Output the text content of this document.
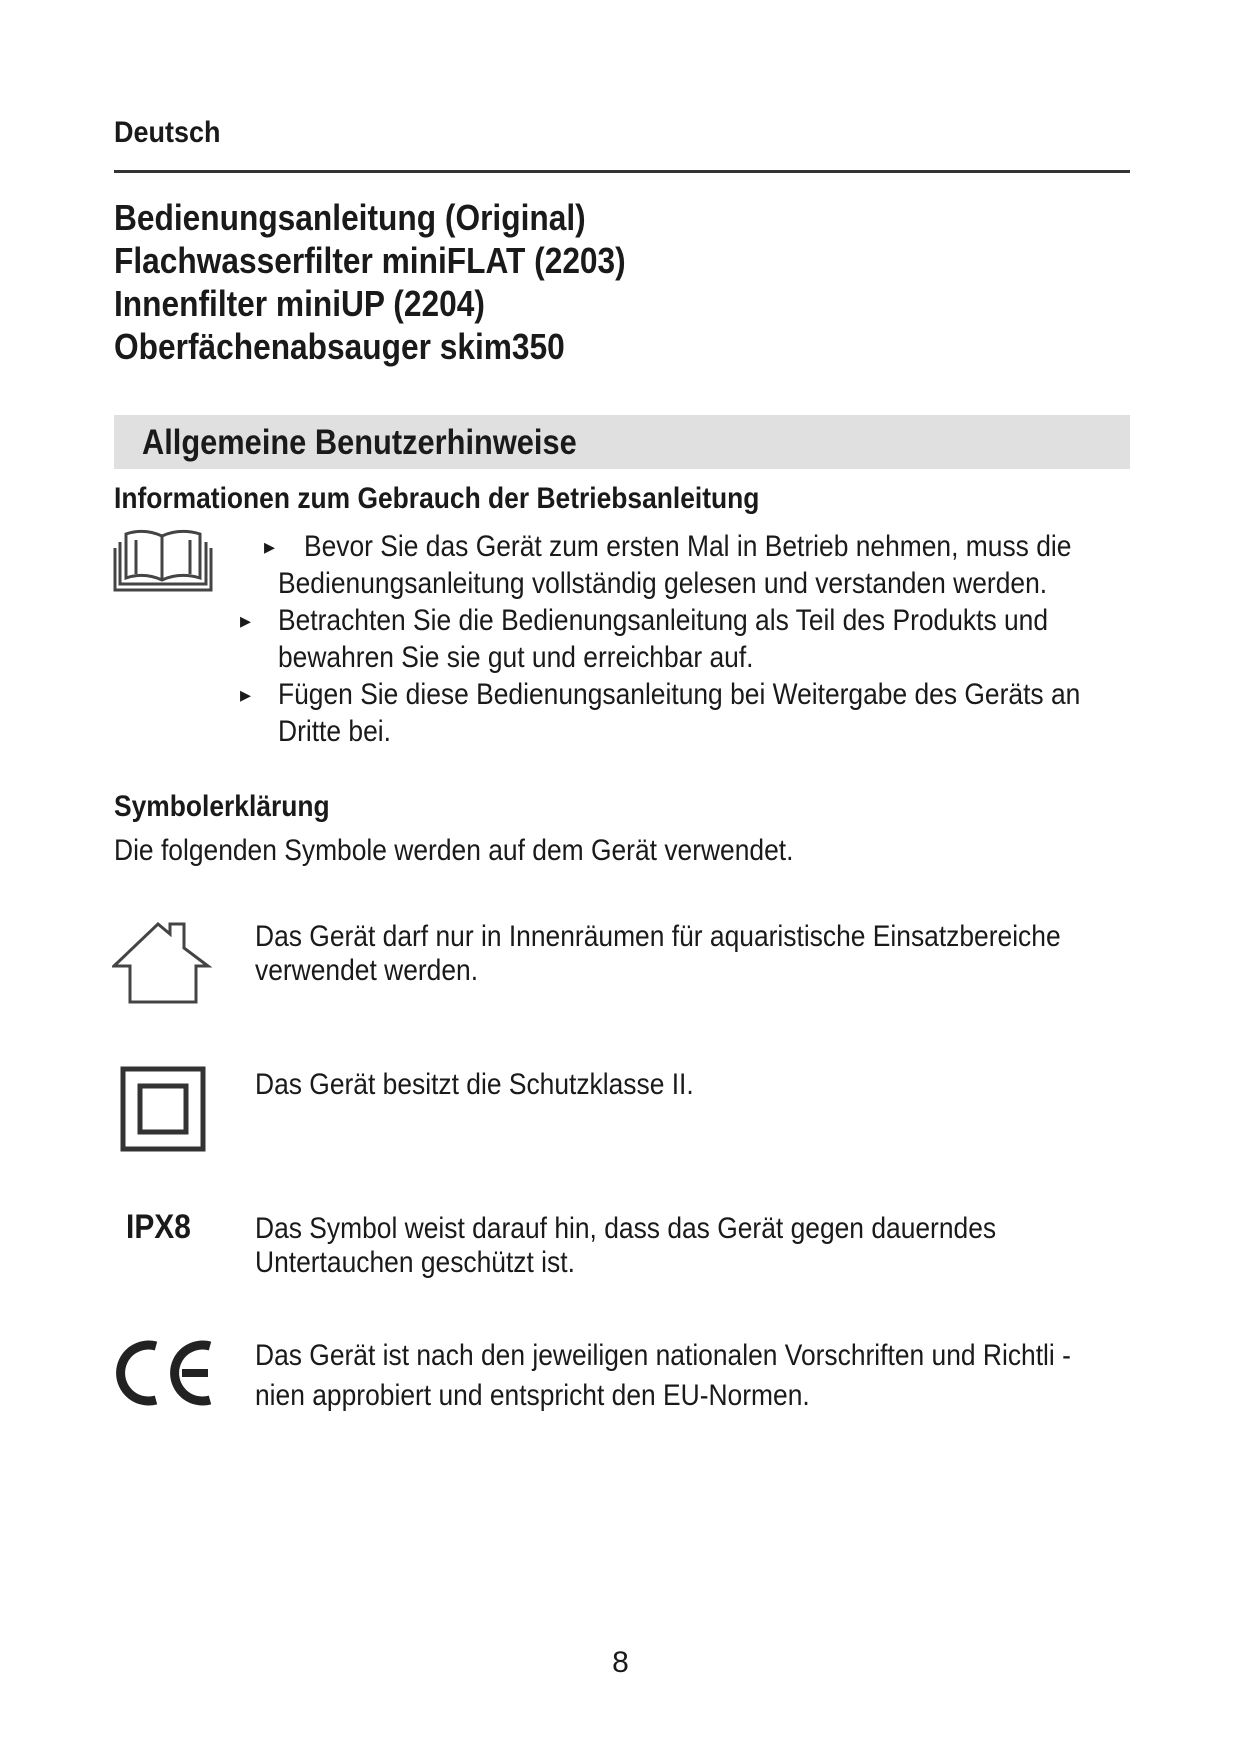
Deutsch
Bedienungsanleitung (Original)
Flachwasserfilter miniFLAT (2203)
Innenfilter miniUP (2204)
Oberfächenabsauger skim350
Allgemeine Benutzerhinweise
Informationen zum Gebrauch der Betriebsanleitung
▸ Bevor Sie das Gerät zum ersten Mal in Betrieb nehmen, muss die
Bedienungsanleitung vollständig gelesen und verstanden werden.
▸ Betrachten Sie die Bedienungsanleitung als Teil des Produkts und
bewahren Sie sie gut und erreichbar auf.
▸ Fügen Sie diese Bedienungsanleitung bei Weitergabe des Geräts an
Dritte bei.
Symbolerklärung
Die folgenden Symbole werden auf dem Gerät verwendet.
Das Gerät darf nur in Innenräumen für aquaristische Einsatzbereiche
verwendet werden.
Das Gerät besitzt die Schutzklasse II.
IPX8 Das Symbol weist darauf hin, dass das Gerät gegen dauerndes
Untertauchen geschützt ist.
Das Gerät ist nach den jeweiligen nationalen Vorschriften und Richtli -
nien approbiert und entspricht den EU-Normen.
8
